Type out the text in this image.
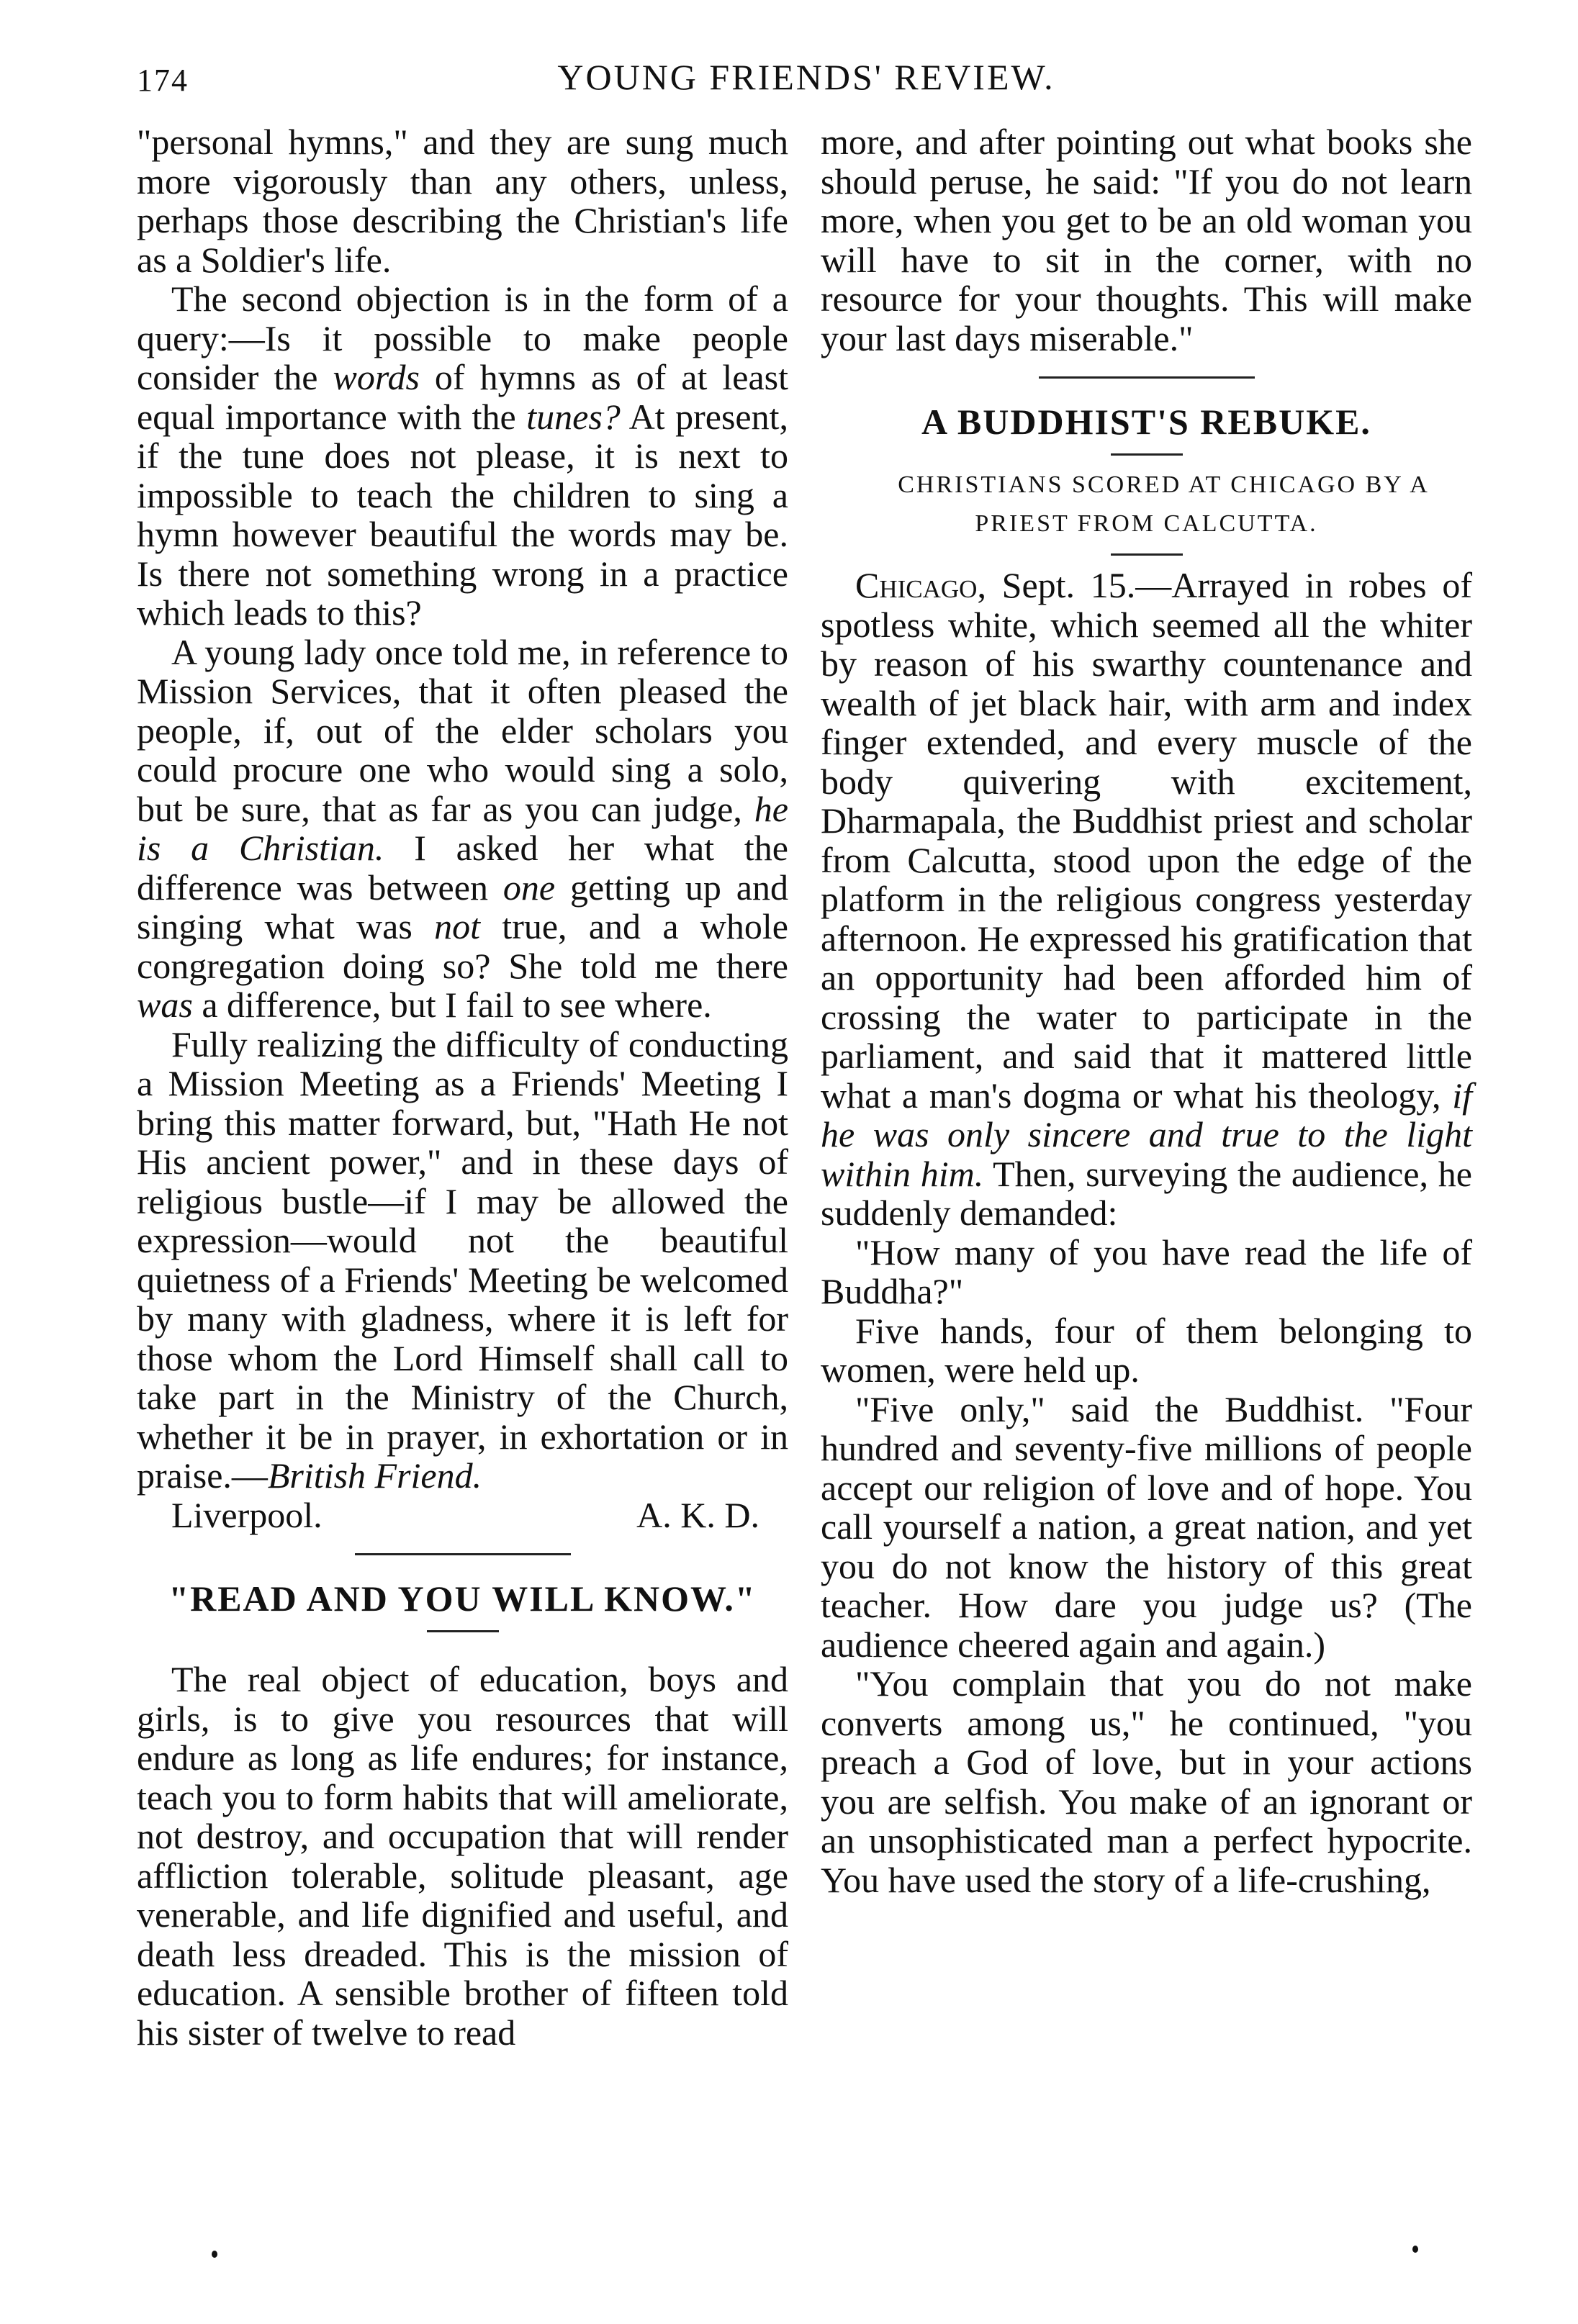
174	YOUNG FRIENDS' REVIEW.

"personal hymns," and they are sung much more vigorously than any others, unless, perhaps those describing the Christian's life as a Soldier's life.

The second objection is in the form of a query:—Is it possible to make people consider the words of hymns as of at least equal importance with the tunes? At present, if the tune does not please, it is next to impossible to teach the children to sing a hymn however beautiful the words may be. Is there not something wrong in a practice which leads to this?

A young lady once told me, in reference to Mission Services, that it often pleased the people, if, out of the elder scholars you could procure one who would sing a solo, but be sure, that as far as you can judge, he is a Christian. I asked her what the difference was between one getting up and singing what was not true, and a whole congregation doing so? She told me there was a difference, but I fail to see where.

Fully realizing the difficulty of conducting a Mission Meeting as a Friends' Meeting I bring this matter forward, but, "Hath He not His ancient power," and in these days of religious bustle—if I may be allowed the expression—would not the beautiful quietness of a Friends' Meeting be welcomed by many with gladness, where it is left for those whom the Lord Himself shall call to take part in the Ministry of the Church, whether it be in prayer, in exhortation or in praise.—British Friend.

Liverpool.	A. K. D.
"READ AND YOU WILL KNOW."

The real object of education, boys and girls, is to give you resources that will endure as long as life endures; for instance, teach you to form habits that will ameliorate, not destroy, and occupation that will render affliction tolerable, solitude pleasant, age venerable, and life dignified and useful, and death less dreaded. This is the mission of education. A sensible brother of fifteen told his sister of twelve to read

more, and after pointing out what books she should peruse, he said: "If you do not learn more, when you get to be an old woman you will have to sit in the corner, with no resource for your thoughts. This will make your last days miserable."

A BUDDHIST'S REBUKE.

CHRISTIANS SCORED AT CHICAGO BY A PRIEST FROM CALCUTTA.

Chicago, Sept. 15.—Arrayed in robes of spotless white, which seemed all the whiter by reason of his swarthy countenance and wealth of jet black hair, with arm and index finger extended, and every muscle of the body quivering with excitement, Dharmapala, the Buddhist priest and scholar from Calcutta, stood upon the edge of the platform in the religious congress yesterday afternoon. He expressed his gratification that an opportunity had been afforded him of crossing the water to participate in the parliament, and said that it mattered little what a man's dogma or what his theology, if he was only sincere and true to the light within him. Then, surveying the audience, he suddenly demanded:

"How many of you have read the life of Buddha?"

Five hands, four of them belonging to women, were held up.

"Five only," said the Buddhist. "Four hundred and seventy-five millions of people accept our religion of love and of hope. You call yourself a nation, a great nation, and yet you do not know the history of this great teacher. How dare you judge us? (The audience cheered again and again.)

"You complain that you do not make converts among us," he continued, "you preach a God of love, but in your actions you are selfish. You make of an ignorant or an unsophisticated man a perfect hypocrite. You have used the story of a life-crushing,
